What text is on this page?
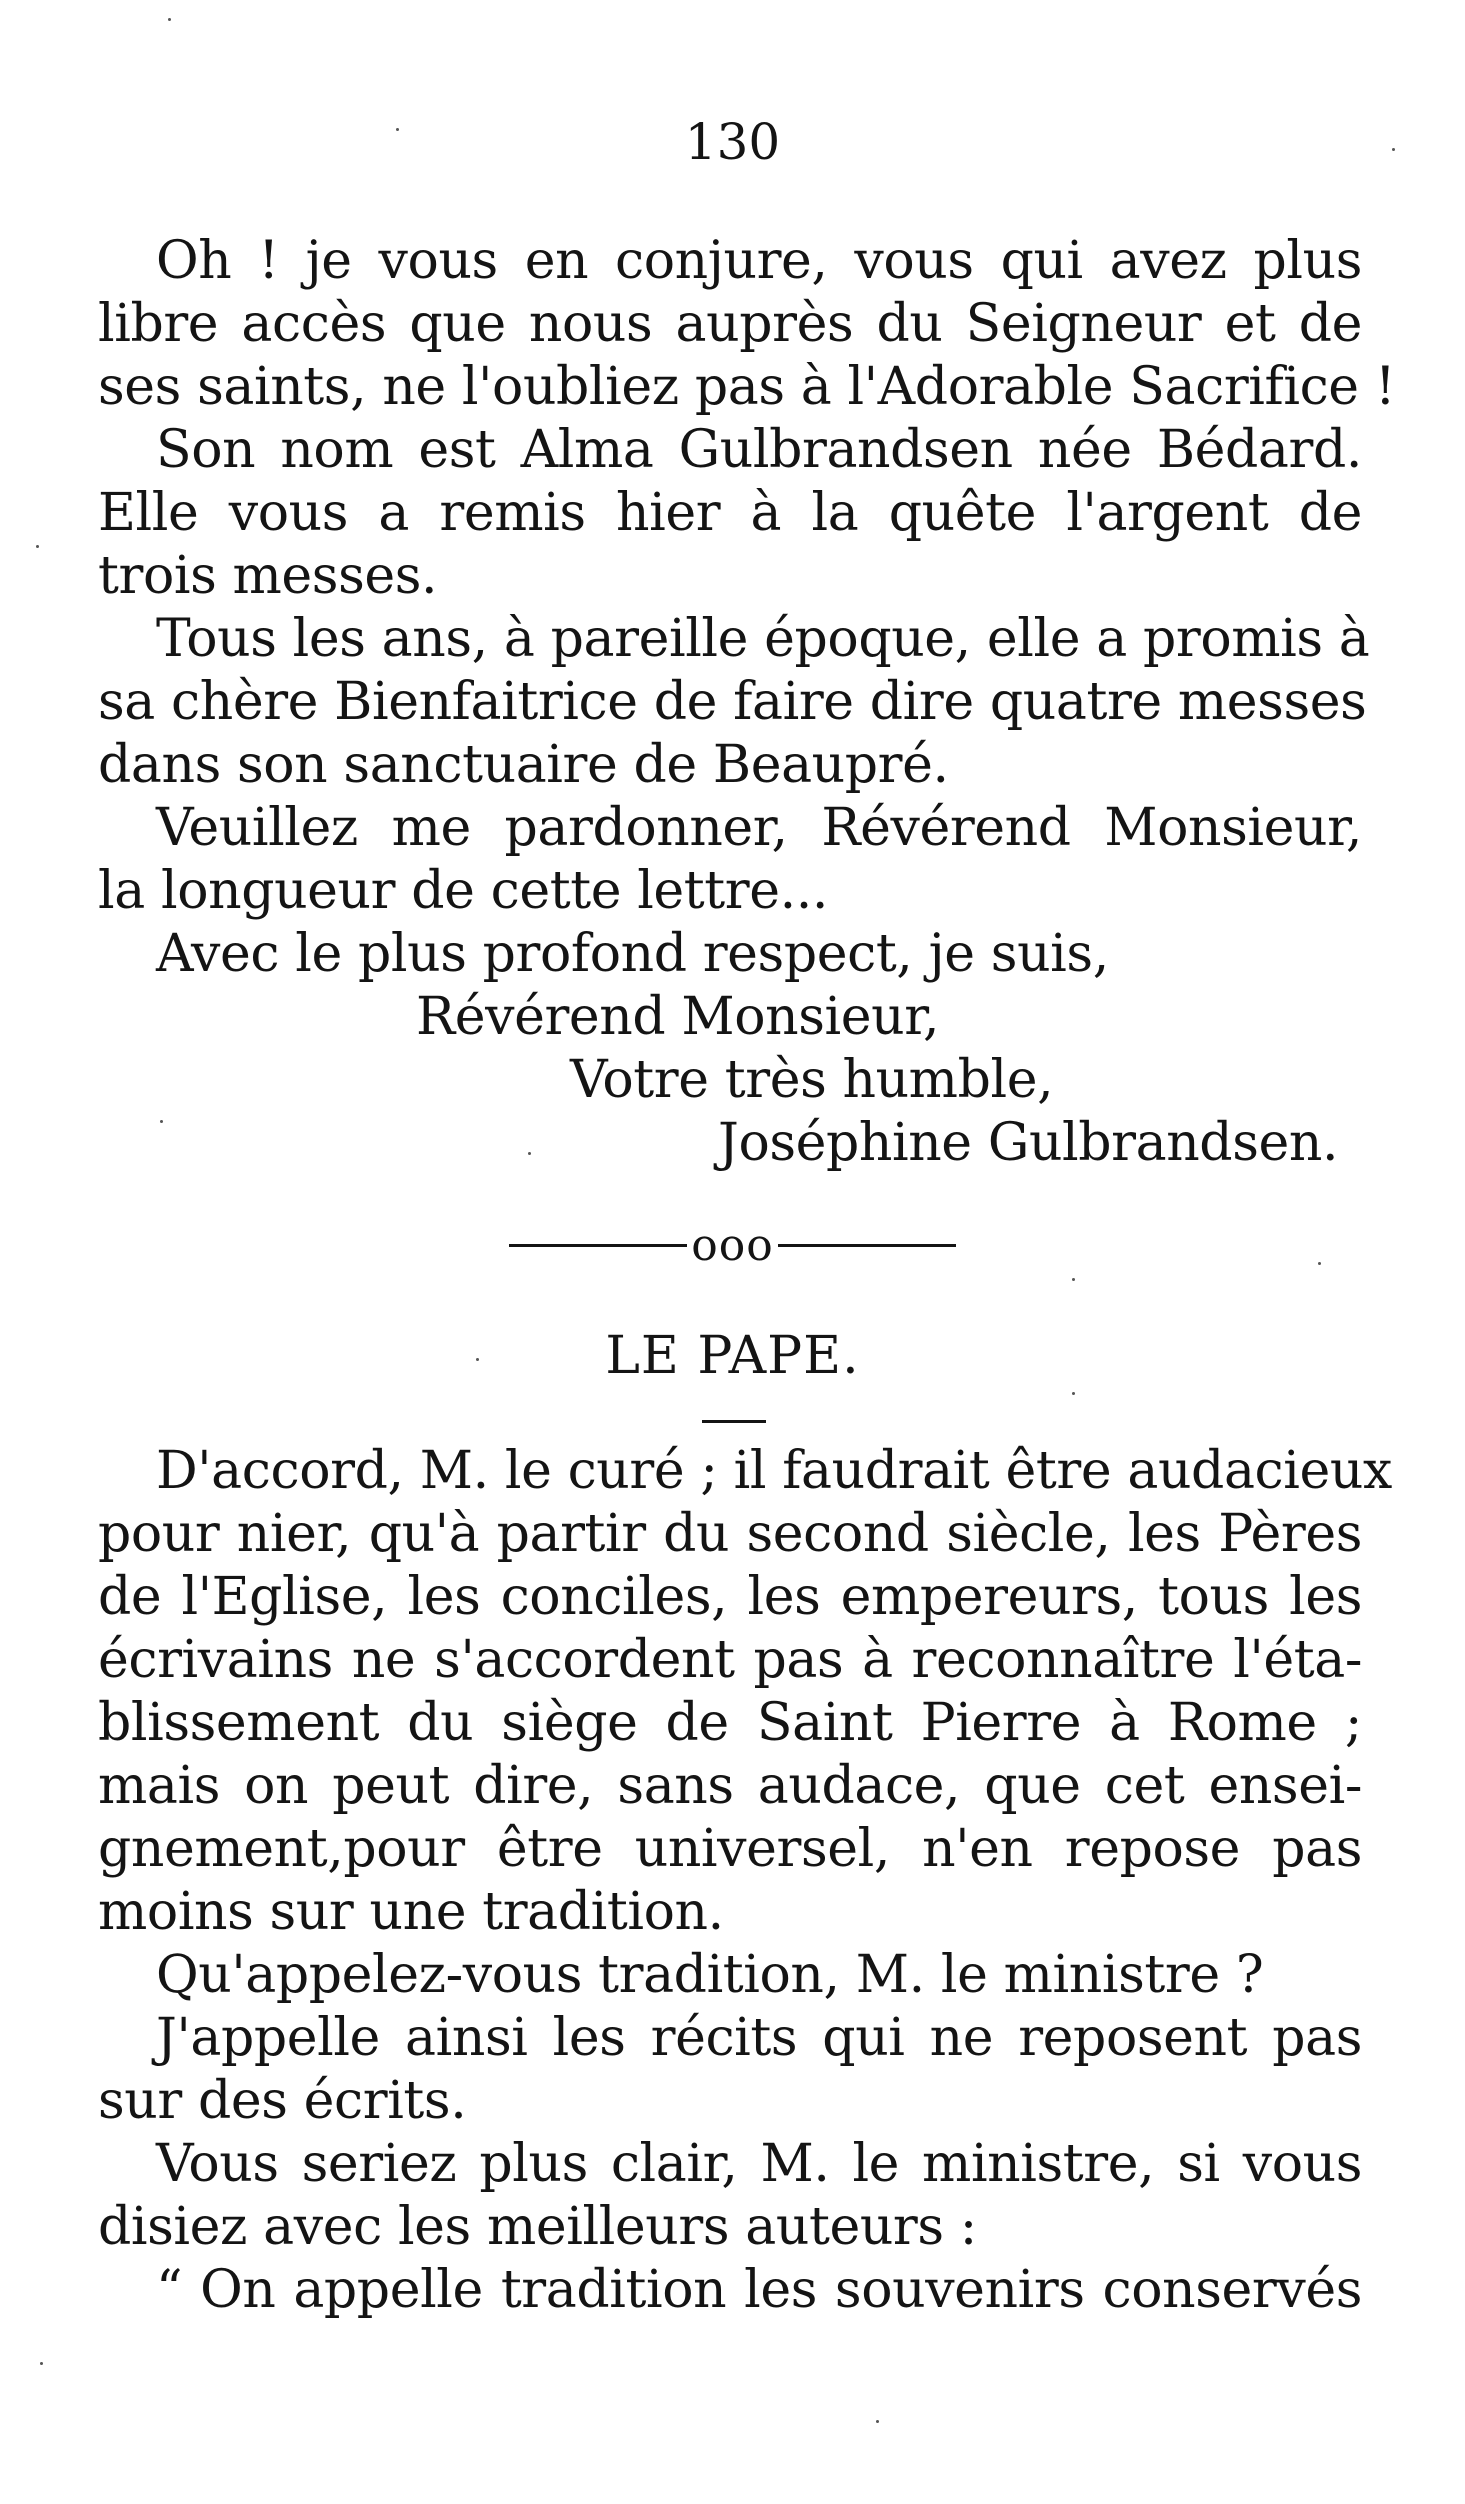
130
Oh ! je vous en conjure, vous qui avez plus
libre accès que nous auprès du Seigneur et de
ses saints, ne l'oubliez pas à l'Adorable Sacrifice !
Son nom est Alma Gulbrandsen née Bédard.
Elle vous a remis hier à la quête l'argent de
trois messes.
Tous les ans, à pareille époque, elle a promis à
sa chère Bienfaitrice de faire dire quatre messes
dans son sanctuaire de Beaupré.
Veuillez me pardonner, Révérend Monsieur,
la longueur de cette lettre...
Avec le plus profond respect, je suis,
Révérend Monsieur,
Votre très humble,
Joséphine Gulbrandsen.
ooo
LE PAPE.
D'accord, M. le curé ; il faudrait être audacieux
pour nier, qu'à partir du second siècle, les Pères
de l'Eglise, les conciles, les empereurs, tous les
écrivains ne s'accordent pas à reconnaître l'éta-
blissement du siège de Saint Pierre à Rome ;
mais on peut dire, sans audace, que cet ensei-
gnement,pour être universel, n'en repose pas
moins sur une tradition.
Qu'appelez-vous tradition, M. le ministre ?
J'appelle ainsi les récits qui ne reposent pas
sur des écrits.
Vous seriez plus clair, M. le ministre, si vous
disiez avec les meilleurs auteurs :
“ On appelle tradition les souvenirs conservés
